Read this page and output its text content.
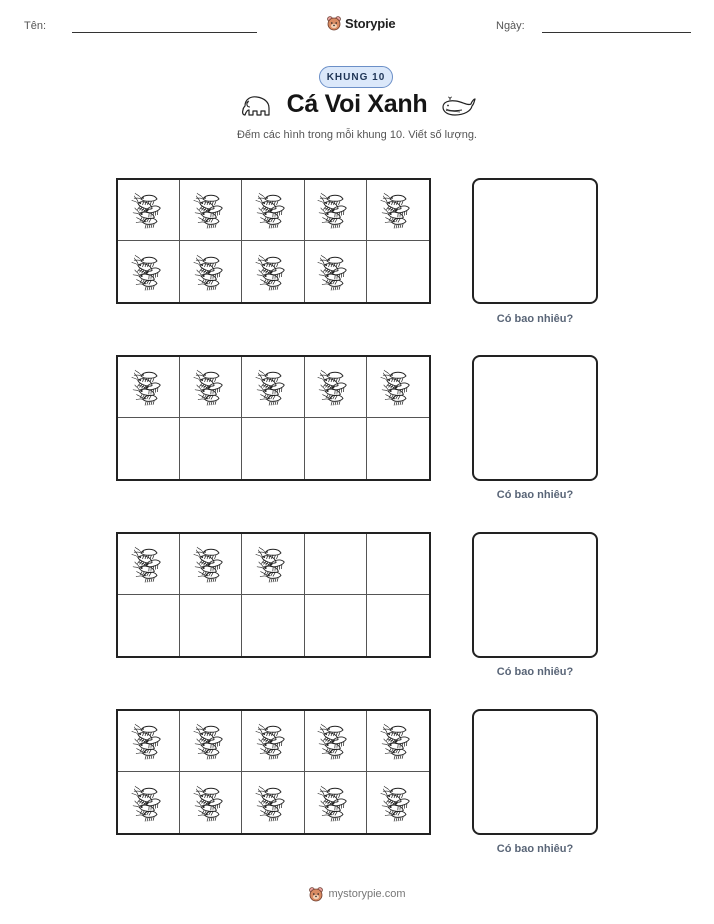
Tên:	Storypie	Ngày:
KHUNG 10
Cá Voi Xanh
Đếm các hình trong mỗi khung 10. Viết số lượng.
Có bao nhiêu?
Có bao nhiêu?
Có bao nhiêu?
Có bao nhiêu?
mystorypie.com
